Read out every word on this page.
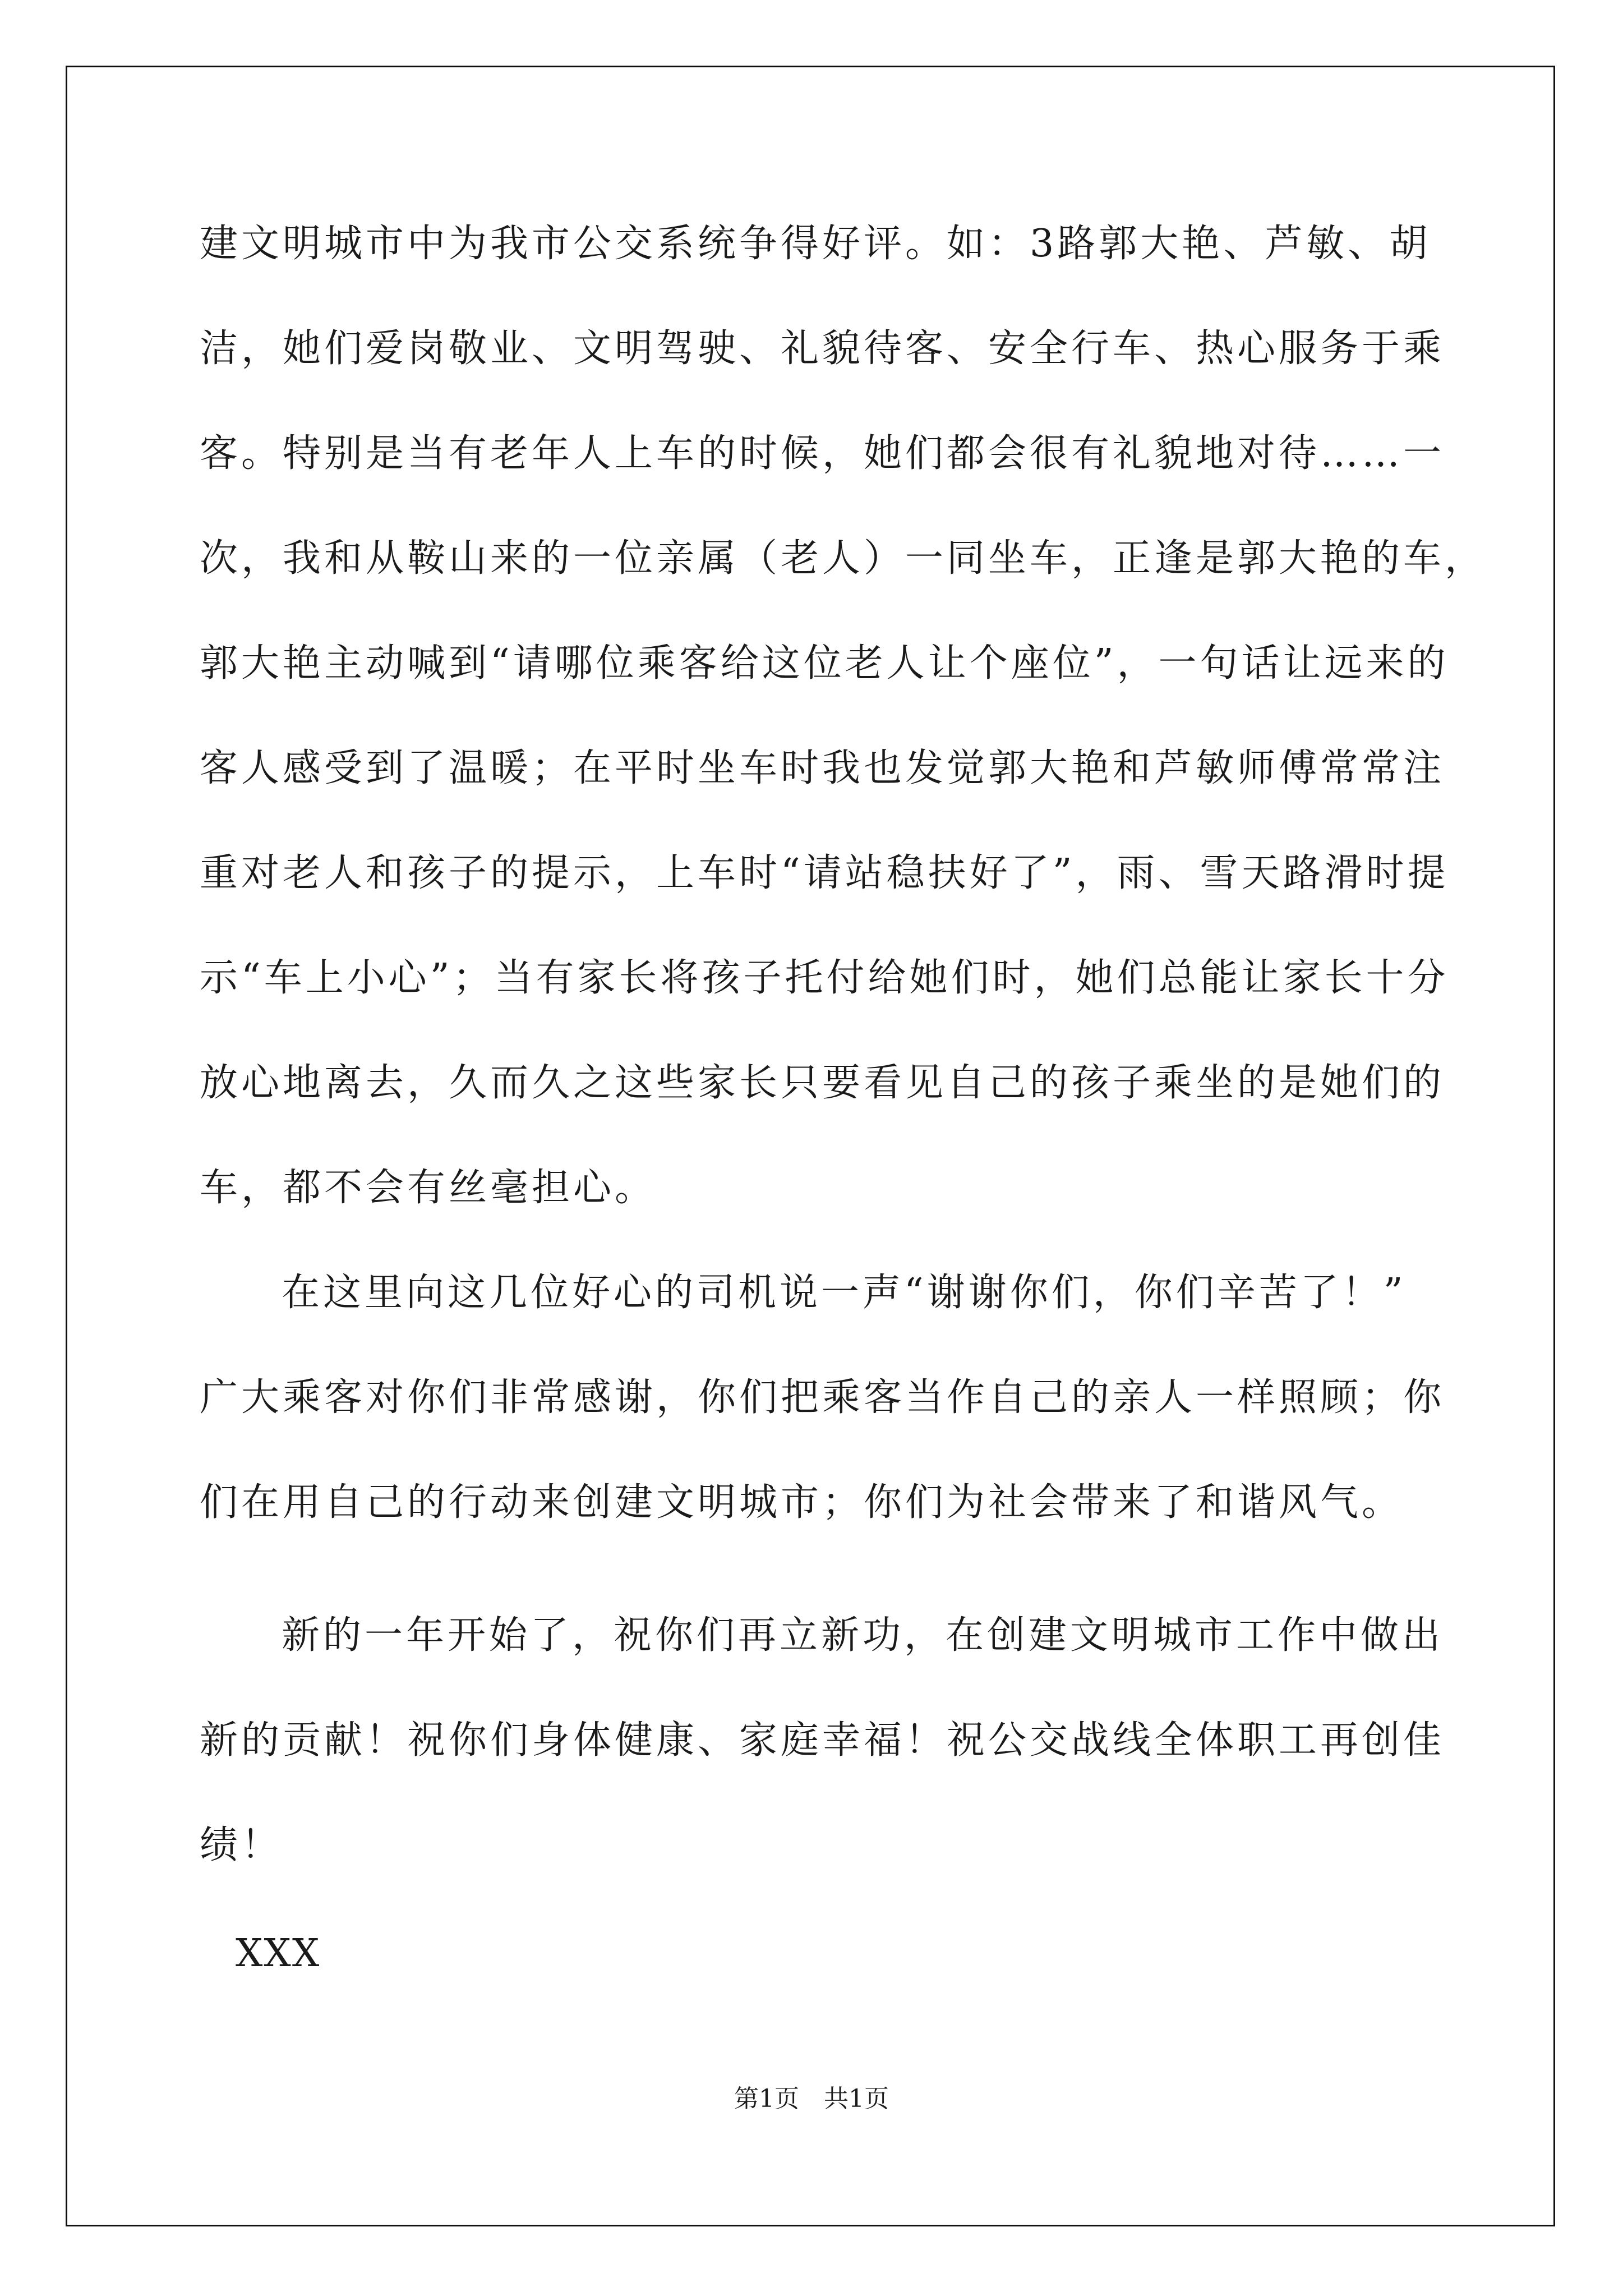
建文明城市中为我市公交系统争得好评。如：3路郭大艳、芦敏、胡
洁，她们爱岗敬业、文明驾驶、礼貌待客、安全行车、热心服务于乘
客。特别是当有老年人上车的时候，她们都会很有礼貌地对待……一
次，我和从鞍山来的一位亲属（老人）一同坐车，正逢是郭大艳的车，
郭大艳主动喊到“请哪位乘客给这位老人让个座位”，一句话让远来的
客人感受到了温暖；在平时坐车时我也发觉郭大艳和芦敏师傅常常注
重对老人和孩子的提示，上车时“请站稳扶好了”，雨、雪天路滑时提
示“车上小心”；当有家长将孩子托付给她们时，她们总能让家长十分
放心地离去，久而久之这些家长只要看见自己的孩子乘坐的是她们的
车，都不会有丝毫担心。
在这里向这几位好心的司机说一声“谢谢你们，你们辛苦了！”
广大乘客对你们非常感谢，你们把乘客当作自己的亲人一样照顾；你
们在用自己的行动来创建文明城市；你们为社会带来了和谐风气。
新的一年开始了，祝你们再立新功，在创建文明城市工作中做出
新的贡献！祝你们身体健康、家庭幸福！祝公交战线全体职工再创佳
绩！
XXX
第1页 共1页
